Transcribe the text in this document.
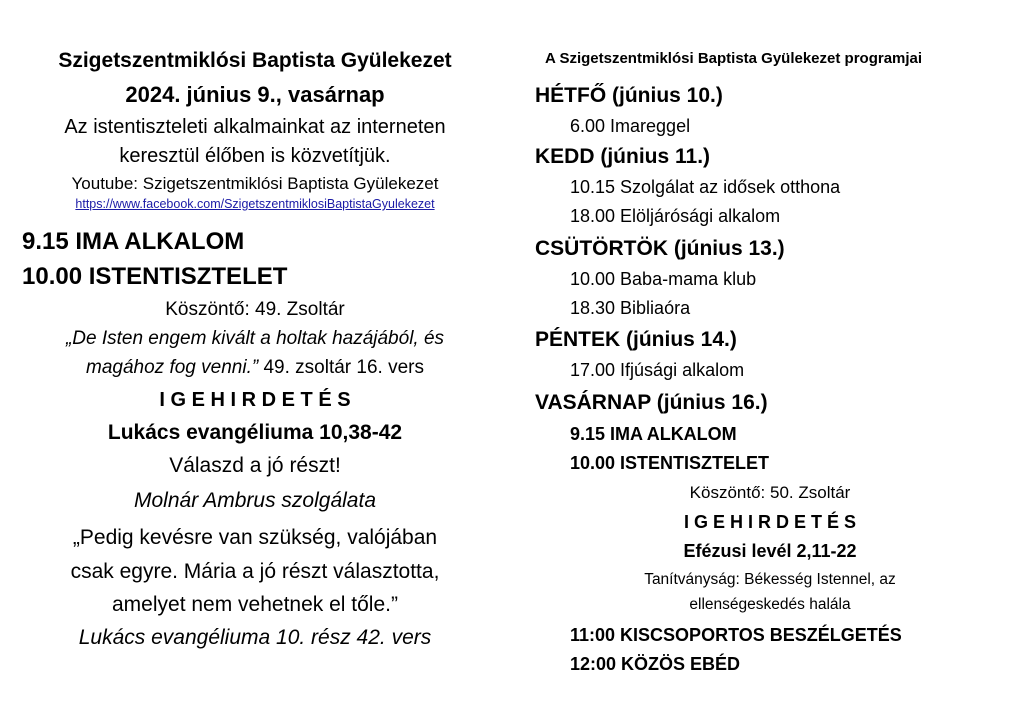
Szigetszentmiklósi Baptista Gyülekezet
2024. június 9., vasárnap
Az istentiszteleti alkalmainkat az interneten
keresztül élőben is közvetítjük.
Youtube: Szigetszentmiklósi Baptista Gyülekezet
https://www.facebook.com/SzigetszentmiklosiBaptistaGyulekezet
9.15 IMA ALKALOM
10.00 ISTENTISZTELET
Köszöntő: 49. Zsoltár
„De Isten engem kivált a holtak hazájából, és
magához fog venni.” 49. zsoltár 16. vers
I G E H I R D E T É S
Lukács evangéliuma 10,38-42
Válaszd a jó részt!
Molnár Ambrus szolgálata
„Pedig kevésre van szükség, valójában
csak egyre. Mária a jó részt választotta,
amelyet nem vehetnek el tőle.”
Lukács evangéliuma 10. rész 42. vers
A Szigetszentmiklósi Baptista Gyülekezet programjai
HÉTFŐ (június 10.)
6.00 Imareggel
KEDD (június 11.)
10.15 Szolgálat az idősek otthona
18.00 Elöljárósági alkalom
CSÜTÖRTÖK (június 13.)
10.00 Baba-mama klub
18.30 Bibliaóra
PÉNTEK (június 14.)
17.00 Ifjúsági alkalom
VASÁRNAP (június 16.)
9.15 IMA ALKALOM
10.00 ISTENTISZTELET
Köszöntő: 50. Zsoltár
I G E H I R D E T É S
Efézusi levél 2,11-22
Tanítványság: Békesség Istennel, az
ellenségeskedés halála
11:00 KISCSOPORTOS BESZÉLGETÉS
12:00 KÖZÖS EBÉD
